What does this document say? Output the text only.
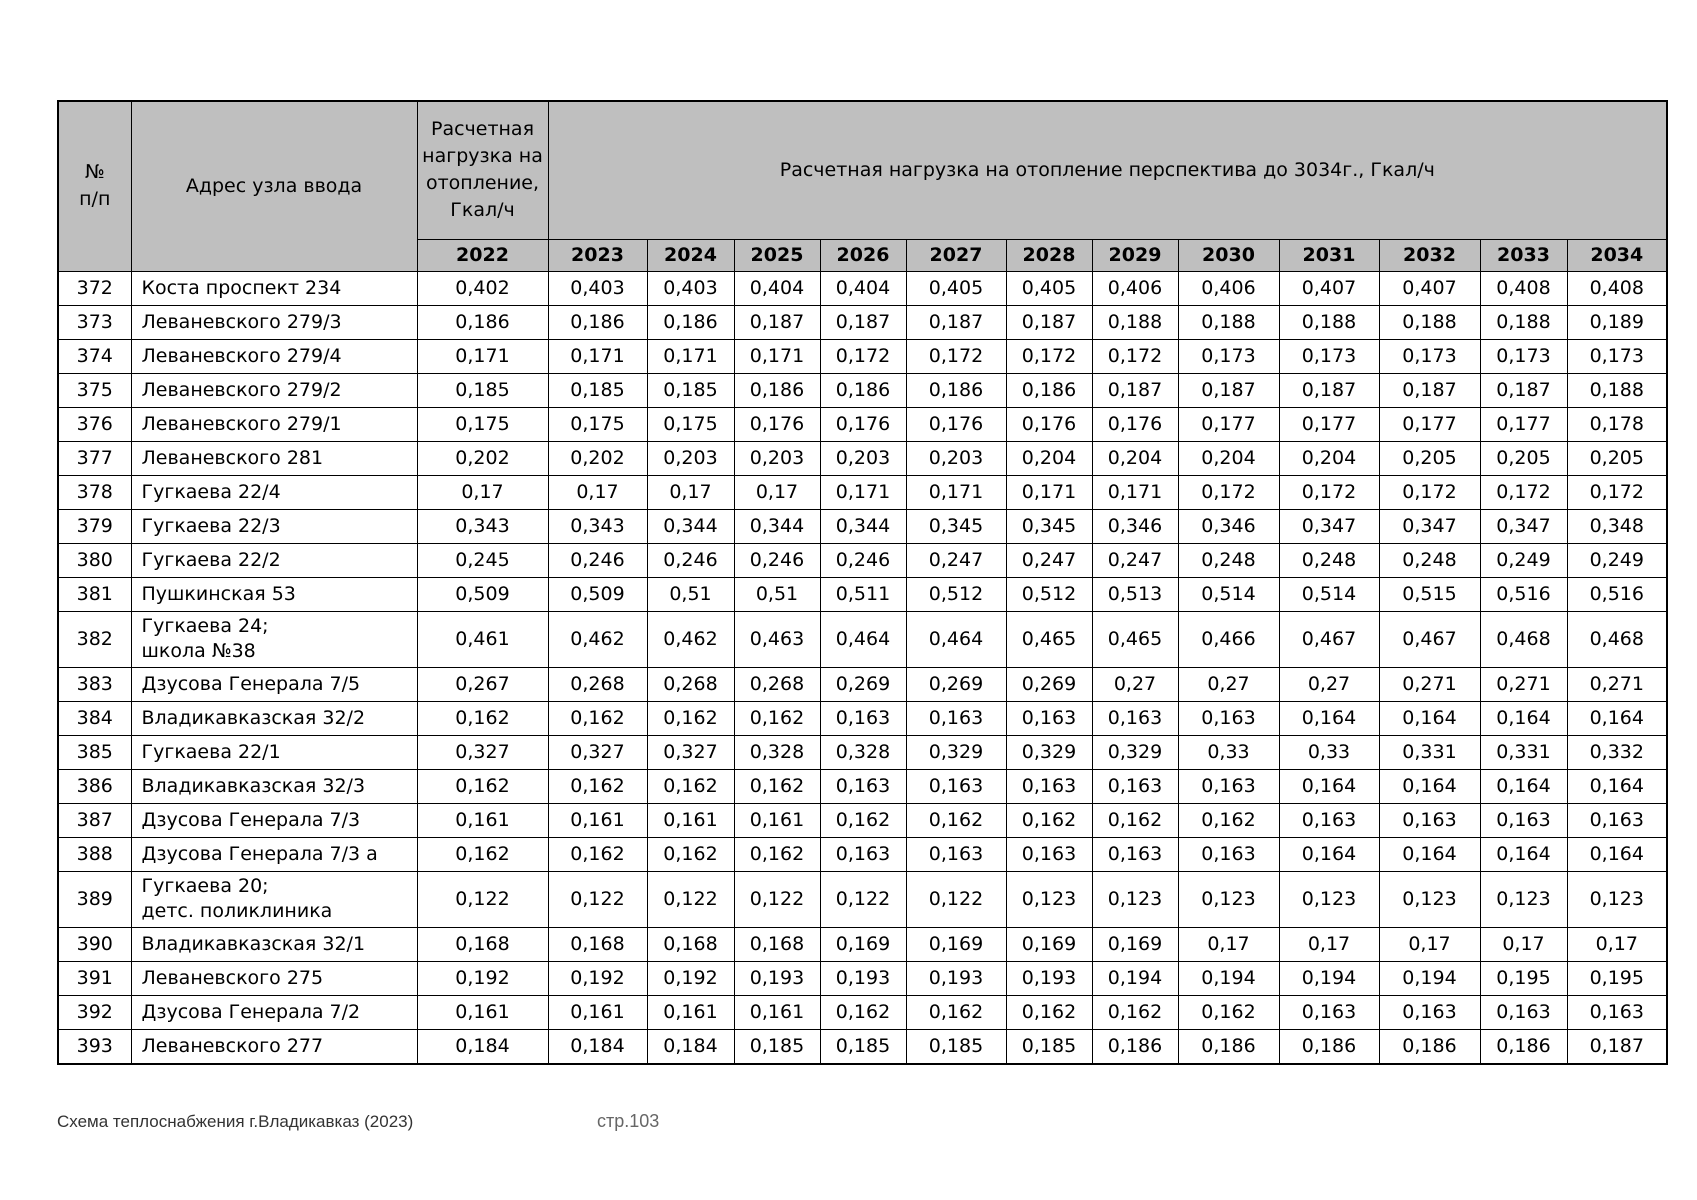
№
п/п	Адрес узла ввода	Расчетная нагрузка на отопление, Гкал/ч	Расчетная нагрузка на отопление перспектива до 3034г., Гкал/ч											
		2022	2023	2024	2025	2026	2027	2028	2029	2030	2031	2032	2033	2034
372	Коста проспект 234	0,402	0,403	0,403	0,404	0,404	0,405	0,405	0,406	0,406	0,407	0,407	0,408	0,408
373	Леваневского 279/3	0,186	0,186	0,186	0,187	0,187	0,187	0,187	0,188	0,188	0,188	0,188	0,188	0,189
374	Леваневского 279/4	0,171	0,171	0,171	0,171	0,172	0,172	0,172	0,172	0,173	0,173	0,173	0,173	0,173
375	Леваневского 279/2	0,185	0,185	0,185	0,186	0,186	0,186	0,186	0,187	0,187	0,187	0,187	0,187	0,188
376	Леваневского 279/1	0,175	0,175	0,175	0,176	0,176	0,176	0,176	0,176	0,177	0,177	0,177	0,177	0,178
377	Леваневского 281	0,202	0,202	0,203	0,203	0,203	0,203	0,204	0,204	0,204	0,204	0,205	0,205	0,205
378	Гугкаева 22/4	0,17	0,17	0,17	0,17	0,171	0,171	0,171	0,171	0,172	0,172	0,172	0,172	0,172
379	Гугкаева 22/3	0,343	0,343	0,344	0,344	0,344	0,345	0,345	0,346	0,346	0,347	0,347	0,347	0,348
380	Гугкаева 22/2	0,245	0,246	0,246	0,246	0,246	0,247	0,247	0,247	0,248	0,248	0,248	0,249	0,249
381	Пушкинская 53	0,509	0,509	0,51	0,51	0,511	0,512	0,512	0,513	0,514	0,514	0,515	0,516	0,516
382	Гугкаева 24;
школа №38	0,461	0,462	0,462	0,463	0,464	0,464	0,465	0,465	0,466	0,467	0,467	0,468	0,468
383	Дзусова Генерала 7/5	0,267	0,268	0,268	0,268	0,269	0,269	0,269	0,27	0,27	0,27	0,271	0,271	0,271
384	Владикавказская 32/2	0,162	0,162	0,162	0,162	0,163	0,163	0,163	0,163	0,163	0,164	0,164	0,164	0,164
385	Гугкаева 22/1	0,327	0,327	0,327	0,328	0,328	0,329	0,329	0,329	0,33	0,33	0,331	0,331	0,332
386	Владикавказская 32/3	0,162	0,162	0,162	0,162	0,163	0,163	0,163	0,163	0,163	0,164	0,164	0,164	0,164
387	Дзусова Генерала 7/3	0,161	0,161	0,161	0,161	0,162	0,162	0,162	0,162	0,162	0,163	0,163	0,163	0,163
388	Дзусова Генерала 7/3 а	0,162	0,162	0,162	0,162	0,163	0,163	0,163	0,163	0,163	0,164	0,164	0,164	0,164
389	Гугкаева 20;
детс. поликлиника	0,122	0,122	0,122	0,122	0,122	0,122	0,123	0,123	0,123	0,123	0,123	0,123	0,123
390	Владикавказская 32/1	0,168	0,168	0,168	0,168	0,169	0,169	0,169	0,169	0,17	0,17	0,17	0,17	0,17
391	Леваневского 275	0,192	0,192	0,192	0,193	0,193	0,193	0,193	0,194	0,194	0,194	0,194	0,195	0,195
392	Дзусова Генерала 7/2	0,161	0,161	0,161	0,161	0,162	0,162	0,162	0,162	0,162	0,163	0,163	0,163	0,163
393	Леваневского 277	0,184	0,184	0,184	0,185	0,185	0,185	0,185	0,186	0,186	0,186	0,186	0,186	0,187
Схема теплоснабжения г.Владикавказ (2023)	стр.103
